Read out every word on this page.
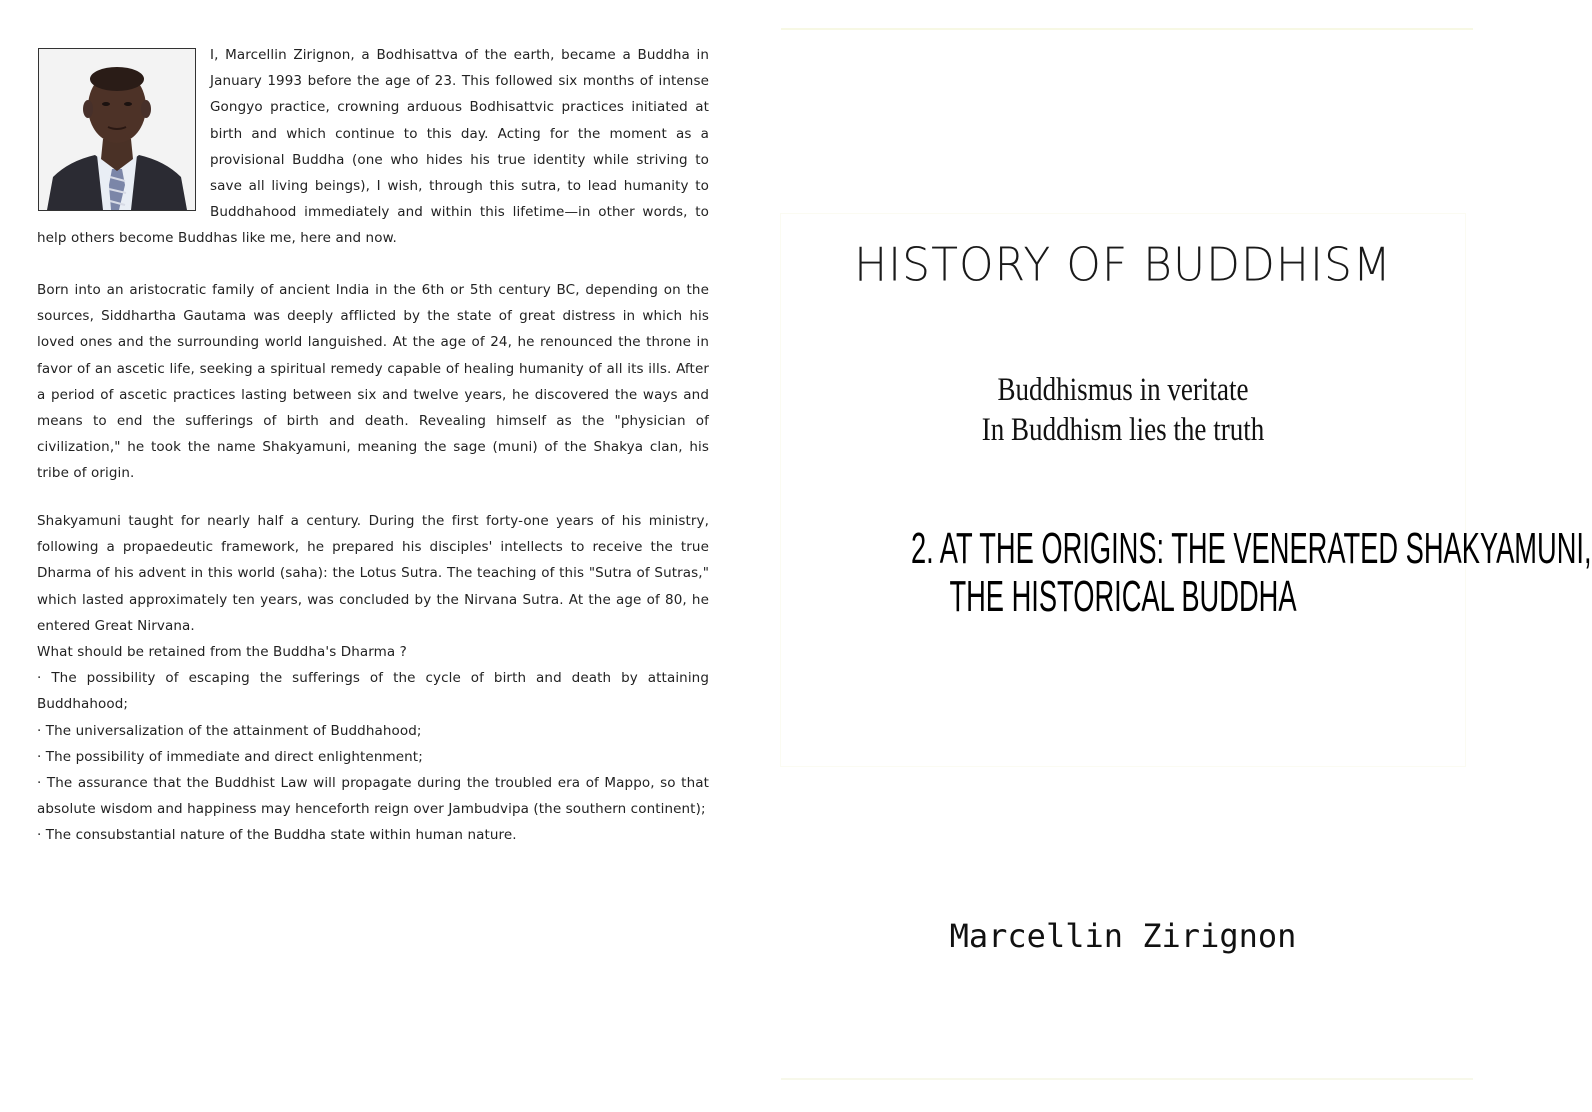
I, Marcellin Zirignon, a Bodhisattva of the earth, became a Buddha in January 1993 before the age of 23. This followed six months of intense Gongyo practice, crowning arduous Bodhisattvic practices initiated at birth and which continue to this day. Acting for the moment as a provisional Buddha (one who hides his true identity while striving to save all living beings), I wish, through this sutra, to lead humanity to Buddhahood immediately and within this lifetime—in other words, to help others become Buddhas like me, here and now.

Born into an aristocratic family of ancient India in the 6th or 5th century BC, depending on the sources, Siddhartha Gautama was deeply afflicted by the state of great distress in which his loved ones and the surrounding world languished. At the age of 24, he renounced the throne in favor of an ascetic life, seeking a spiritual remedy capable of healing humanity of all its ills. After a period of ascetic practices lasting between six and twelve years, he discovered the ways and means to end the sufferings of birth and death. Revealing himself as the "physician of civilization," he took the name Shakyamuni, meaning the sage (muni) of the Shakya clan, his tribe of origin.

Shakyamuni taught for nearly half a century. During the first forty-one years of his ministry, following a propaedeutic framework, he prepared his disciples' intellects to receive the true Dharma of his advent in this world (saha): the Lotus Sutra. The teaching of this "Sutra of Sutras," which lasted approximately ten years, was concluded by the Nirvana Sutra. At the age of 80, he entered Great Nirvana.

What should be retained from the Buddha's Dharma ?

· The possibility of escaping the sufferings of the cycle of birth and death by attaining Buddhahood;

· The universalization of the attainment of Buddhahood;

· The possibility of immediate and direct enlightenment;

· The assurance that the Buddhist Law will propagate during the troubled era of Mappo, so that absolute wisdom and happiness may henceforth reign over Jambudvipa (the southern continent);

· The consubstantial nature of the Buddha state within human nature.

HISTORY OF BUDDHISM
Buddhismus in veritate
In Buddhism lies the truth
2. AT THE ORIGINS: THE VENERATED SHAKYAMUNI,
THE HISTORICAL BUDDHA
Marcellin Zirignon
